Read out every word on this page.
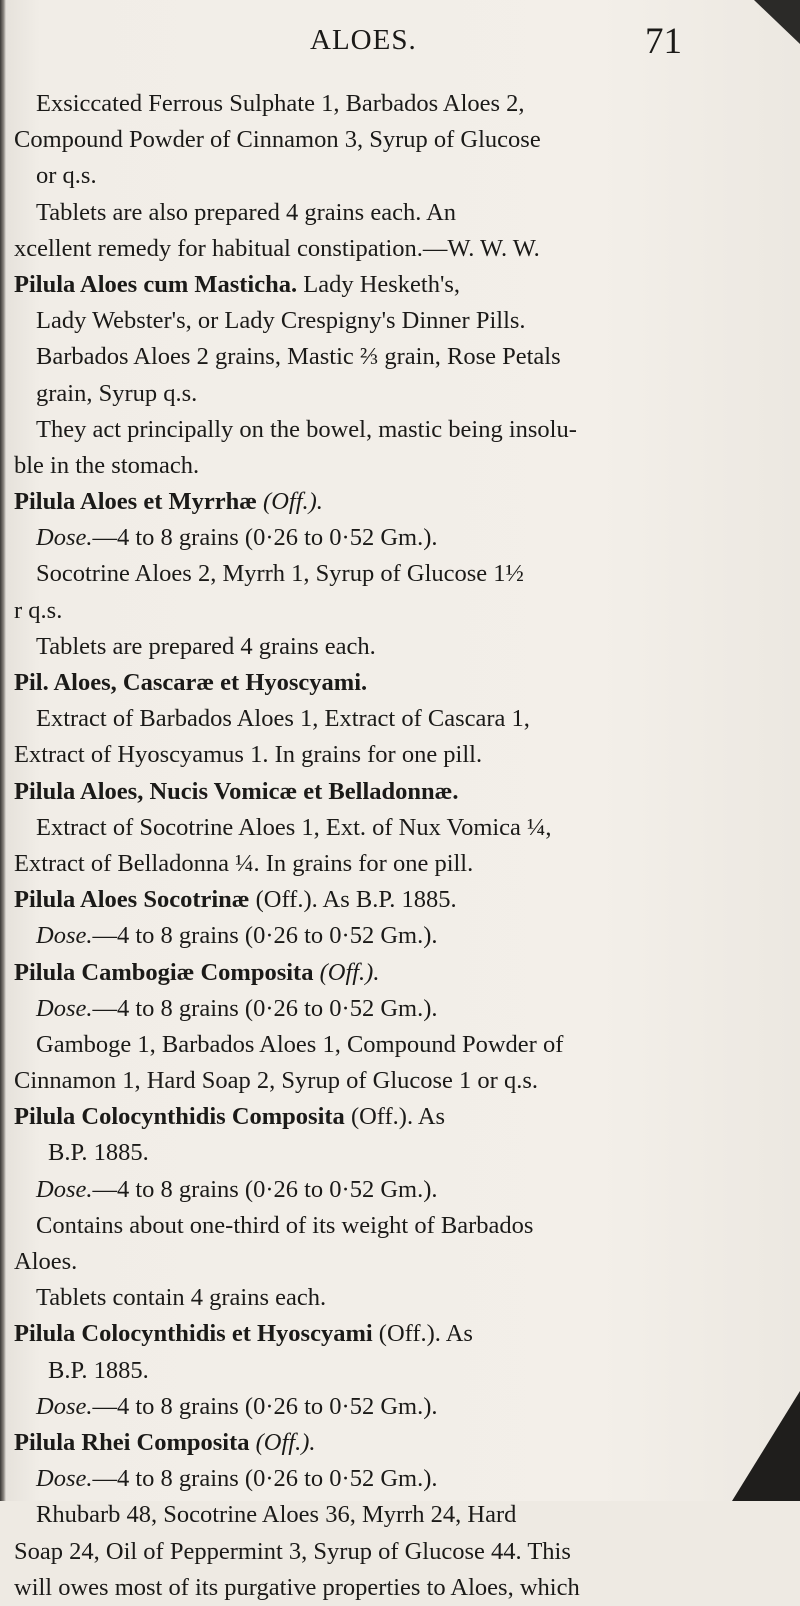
ALOES.	71
Exsiccated Ferrous Sulphate 1, Barbados Aloes 2,
Compound Powder of Cinnamon 3, Syrup of Glucose
or q.s.
Tablets are also prepared 4 grains each. An
xcellent remedy for habitual constipation.—W. W. W.
Pilula Aloes cum Masticha. Lady Hesketh's,
Lady Webster's, or Lady Crespigny's Dinner Pills.
Barbados Aloes 2 grains, Mastic ⅔ grain, Rose Petals
grain, Syrup q.s.
They act principally on the bowel, mastic being insolu-
ble in the stomach.
Pilula Aloes et Myrrhæ (Off.).
Dose.—4 to 8 grains (0·26 to 0·52 Gm.).
Socotrine Aloes 2, Myrrh 1, Syrup of Glucose 1½
r q.s.
Tablets are prepared 4 grains each.
Pil. Aloes, Cascaræ et Hyoscyami.
Extract of Barbados Aloes 1, Extract of Cascara 1,
Extract of Hyoscyamus 1. In grains for one pill.
Pilula Aloes, Nucis Vomicæ et Belladonnæ.
Extract of Socotrine Aloes 1, Ext. of Nux Vomica ¼,
Extract of Belladonna ¼. In grains for one pill.
Pilula Aloes Socotrinæ (Off.). As B.P. 1885.
Dose.—4 to 8 grains (0·26 to 0·52 Gm.).
Pilula Cambogiæ Composita (Off.).
Dose.—4 to 8 grains (0·26 to 0·52 Gm.).
Gamboge 1, Barbados Aloes 1, Compound Powder of
Cinnamon 1, Hard Soap 2, Syrup of Glucose 1 or q.s.
Pilula Colocynthidis Composita (Off.). As
B.P. 1885.
Dose.—4 to 8 grains (0·26 to 0·52 Gm.).
Contains about one-third of its weight of Barbados
Aloes.
Tablets contain 4 grains each.
Pilula Colocynthidis et Hyoscyami (Off.). As
B.P. 1885.
Dose.—4 to 8 grains (0·26 to 0·52 Gm.).
Pilula Rhei Composita (Off.).
Dose.—4 to 8 grains (0·26 to 0·52 Gm.).
Rhubarb 48, Socotrine Aloes 36, Myrrh 24, Hard
Soap 24, Oil of Peppermint 3, Syrup of Glucose 44. This
will owes most of its purgative properties to Aloes, which
